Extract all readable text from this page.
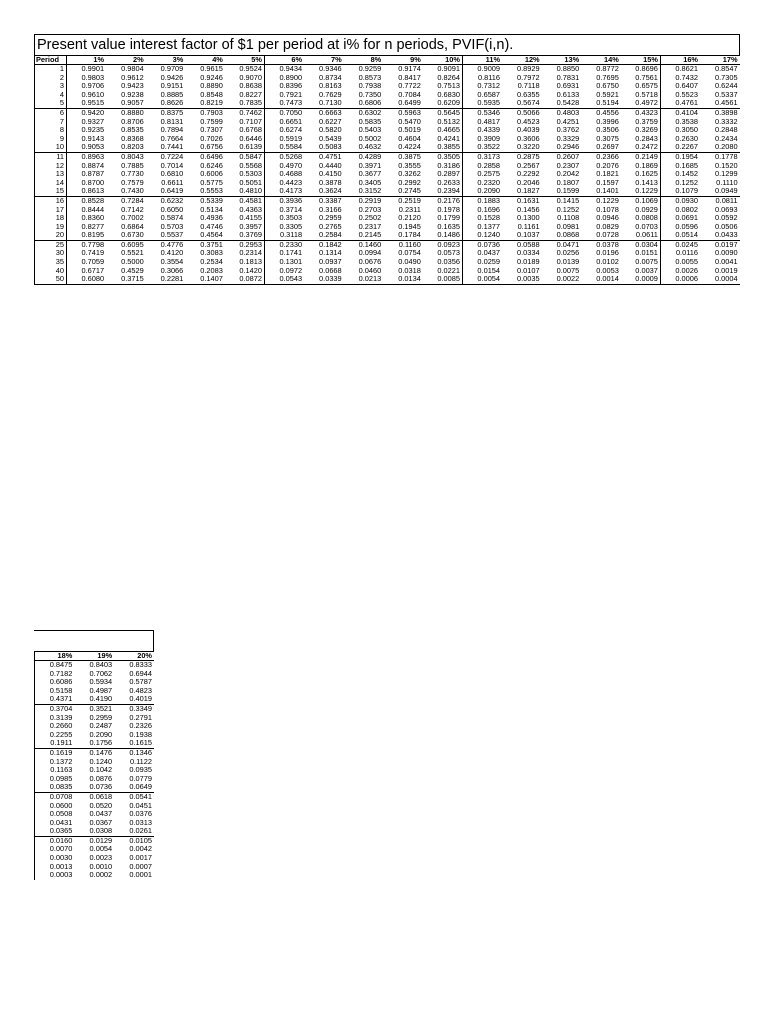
Present value interest factor of $1 per period at i% for n periods, PVIF(i,n).
Period	1%	2%	3%	4%	5%	6%	7%	8%	9%	10%	11%	12%	13%	14%	15%	16%	17%
1	0.9901	0.9804	0.9709	0.9615	0.9524	0.9434	0.9346	0.9259	0.9174	0.9091	0.9009	0.8929	0.8850	0.8772	0.8696	0.8621	0.8547
2	0.9803	0.9612	0.9426	0.9246	0.9070	0.8900	0.8734	0.8573	0.8417	0.8264	0.8116	0.7972	0.7831	0.7695	0.7561	0.7432	0.7305
3	0.9706	0.9423	0.9151	0.8890	0.8638	0.8396	0.8163	0.7938	0.7722	0.7513	0.7312	0.7118	0.6931	0.6750	0.6575	0.6407	0.6244
4	0.9610	0.9238	0.8885	0.8548	0.8227	0.7921	0.7629	0.7350	0.7084	0.6830	0.6587	0.6355	0.6133	0.5921	0.5718	0.5523	0.5337
5	0.9515	0.9057	0.8626	0.8219	0.7835	0.7473	0.7130	0.6806	0.6499	0.6209	0.5935	0.5674	0.5428	0.5194	0.4972	0.4761	0.4561
6	0.9420	0.8880	0.8375	0.7903	0.7462	0.7050	0.6663	0.6302	0.5963	0.5645	0.5346	0.5066	0.4803	0.4556	0.4323	0.4104	0.3898
7	0.9327	0.8706	0.8131	0.7599	0.7107	0.6651	0.6227	0.5835	0.5470	0.5132	0.4817	0.4523	0.4251	0.3996	0.3759	0.3538	0.3332
8	0.9235	0.8535	0.7894	0.7307	0.6768	0.6274	0.5820	0.5403	0.5019	0.4665	0.4339	0.4039	0.3762	0.3506	0.3269	0.3050	0.2848
9	0.9143	0.8368	0.7664	0.7026	0.6446	0.5919	0.5439	0.5002	0.4604	0.4241	0.3909	0.3606	0.3329	0.3075	0.2843	0.2630	0.2434
10	0.9053	0.8203	0.7441	0.6756	0.6139	0.5584	0.5083	0.4632	0.4224	0.3855	0.3522	0.3220	0.2946	0.2697	0.2472	0.2267	0.2080
11	0.8963	0.8043	0.7224	0.6496	0.5847	0.5268	0.4751	0.4289	0.3875	0.3505	0.3173	0.2875	0.2607	0.2366	0.2149	0.1954	0.1778
12	0.8874	0.7885	0.7014	0.6246	0.5568	0.4970	0.4440	0.3971	0.3555	0.3186	0.2858	0.2567	0.2307	0.2076	0.1869	0.1685	0.1520
13	0.8787	0.7730	0.6810	0.6006	0.5303	0.4688	0.4150	0.3677	0.3262	0.2897	0.2575	0.2292	0.2042	0.1821	0.1625	0.1452	0.1299
14	0.8700	0.7579	0.6611	0.5775	0.5051	0.4423	0.3878	0.3405	0.2992	0.2633	0.2320	0.2046	0.1807	0.1597	0.1413	0.1252	0.1110
15	0.8613	0.7430	0.6419	0.5553	0.4810	0.4173	0.3624	0.3152	0.2745	0.2394	0.2090	0.1827	0.1599	0.1401	0.1229	0.1079	0.0949
16	0.8528	0.7284	0.6232	0.5339	0.4581	0.3936	0.3387	0.2919	0.2519	0.2176	0.1883	0.1631	0.1415	0.1229	0.1069	0.0930	0.0811
17	0.8444	0.7142	0.6050	0.5134	0.4363	0.3714	0.3166	0.2703	0.2311	0.1978	0.1696	0.1456	0.1252	0.1078	0.0929	0.0802	0.0693
18	0.8360	0.7002	0.5874	0.4936	0.4155	0.3503	0.2959	0.2502	0.2120	0.1799	0.1528	0.1300	0.1108	0.0946	0.0808	0.0691	0.0592
19	0.8277	0.6864	0.5703	0.4746	0.3957	0.3305	0.2765	0.2317	0.1945	0.1635	0.1377	0.1161	0.0981	0.0829	0.0703	0.0596	0.0506
20	0.8195	0.6730	0.5537	0.4564	0.3769	0.3118	0.2584	0.2145	0.1784	0.1486	0.1240	0.1037	0.0868	0.0728	0.0611	0.0514	0.0433
25	0.7798	0.6095	0.4776	0.3751	0.2953	0.2330	0.1842	0.1460	0.1160	0.0923	0.0736	0.0588	0.0471	0.0378	0.0304	0.0245	0.0197
30	0.7419	0.5521	0.4120	0.3083	0.2314	0.1741	0.1314	0.0994	0.0754	0.0573	0.0437	0.0334	0.0256	0.0196	0.0151	0.0116	0.0090
35	0.7059	0.5000	0.3554	0.2534	0.1813	0.1301	0.0937	0.0676	0.0490	0.0356	0.0259	0.0189	0.0139	0.0102	0.0075	0.0055	0.0041
40	0.6717	0.4529	0.3066	0.2083	0.1420	0.0972	0.0668	0.0460	0.0318	0.0221	0.0154	0.0107	0.0075	0.0053	0.0037	0.0026	0.0019
50	0.6080	0.3715	0.2281	0.1407	0.0872	0.0543	0.0339	0.0213	0.0134	0.0085	0.0054	0.0035	0.0022	0.0014	0.0009	0.0006	0.0004
18%	19%	20%
0.8475	0.8403	0.8333
0.7182	0.7062	0.6944
0.6086	0.5934	0.5787
0.5158	0.4987	0.4823
0.4371	0.4190	0.4019
0.3704	0.3521	0.3349
0.3139	0.2959	0.2791
0.2660	0.2487	0.2326
0.2255	0.2090	0.1938
0.1911	0.1756	0.1615
0.1619	0.1476	0.1346
0.1372	0.1240	0.1122
0.1163	0.1042	0.0935
0.0985	0.0876	0.0779
0.0835	0.0736	0.0649
0.0708	0.0618	0.0541
0.0600	0.0520	0.0451
0.0508	0.0437	0.0376
0.0431	0.0367	0.0313
0.0365	0.0308	0.0261
0.0160	0.0129	0.0105
0.0070	0.0054	0.0042
0.0030	0.0023	0.0017
0.0013	0.0010	0.0007
0.0003	0.0002	0.0001
